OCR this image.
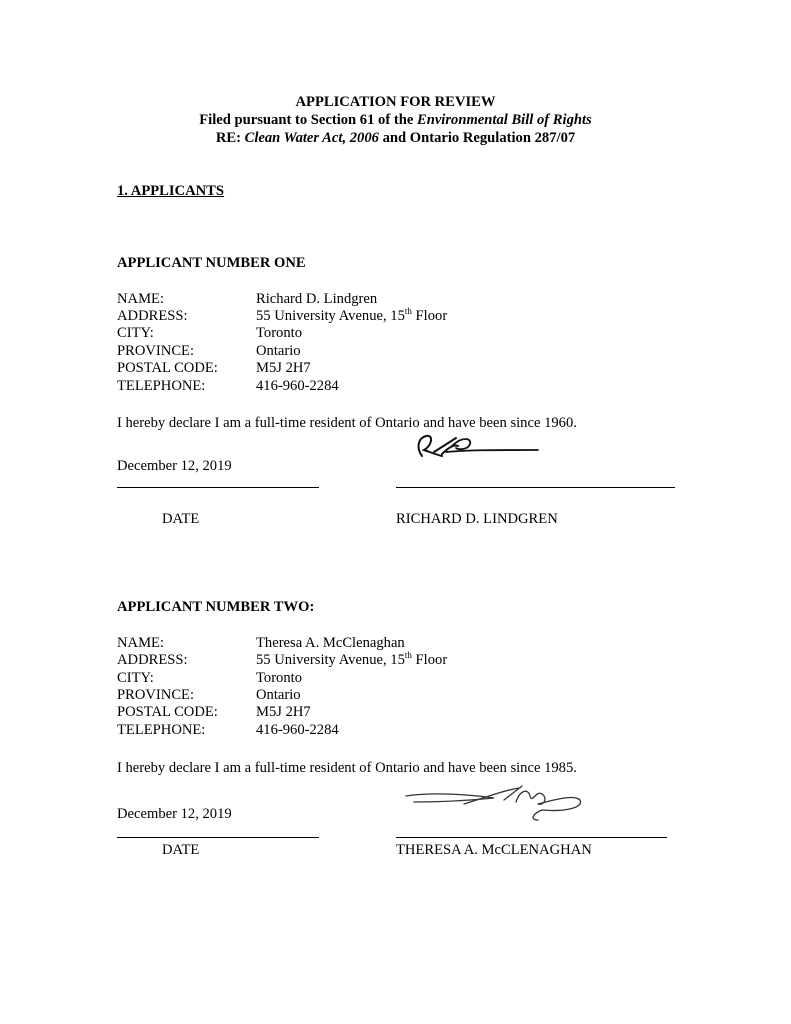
APPLICATION FOR REVIEW
Filed pursuant to Section 61 of the Environmental Bill of Rights
RE: Clean Water Act, 2006 and Ontario Regulation 287/07
1. APPLICANTS
APPLICANT NUMBER ONE
NAME:	Richard D. Lindgren
ADDRESS:	55 University Avenue, 15th Floor
CITY:	Toronto
PROVINCE:	Ontario
POSTAL CODE:	M5J 2H7
TELEPHONE:	416-960-2284
I hereby declare I am a full-time resident of Ontario and have been since 1960.
December 12, 2019
DATE	RICHARD D. LINDGREN
APPLICANT NUMBER TWO:
NAME:	Theresa A. McClenaghan
ADDRESS:	55 University Avenue, 15th Floor
CITY:	Toronto
PROVINCE:	Ontario
POSTAL CODE:	M5J 2H7
TELEPHONE:	416-960-2284
I hereby declare I am a full-time resident of Ontario and have been since 1985.
December 12, 2019
DATE	THERESA A. McCLENAGHAN
